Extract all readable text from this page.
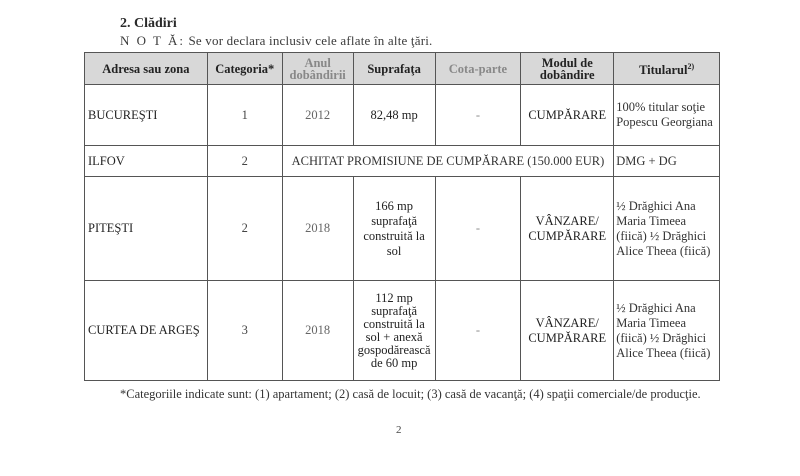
2. Clădiri
N O T Ă: Se vor declara inclusiv cele aflate în alte ţări.
Adresa sau zona	Categoria*	Anul dobândirii	Suprafaţa	Cota-parte	Modul de dobândire	Titularul$^{2)}$
BUCUREŞTI	1	2012	82,48 mp	-	CUMPĂRARE	100% titular soţie Popescu Georgiana
ILFOV	2	ACHITAT PROMISIUNE DE CUMPĂRARE (150.000 EUR)				DMG + DG
PITEŞTI	2	2018	166 mp suprafaţă construită la sol	-	VÂNZARE/ CUMPĂRARE	½ Drăghici Ana Maria Timeea (fiică) ½ Drăghici Alice Theea (fiică)
CURTEA DE ARGEŞ	3	2018	112 mp suprafaţă construită la sol + anexă gospodărească de 60 mp	-	VÂNZARE/ CUMPĂRARE	½ Drăghici Ana Maria Timeea (fiică) ½ Drăghici Alice Theea (fiică)
*Categoriile indicate sunt: (1) apartament; (2) casă de locuit; (3) casă de vacanţă; (4) spaţii comerciale/de producţie.
2
